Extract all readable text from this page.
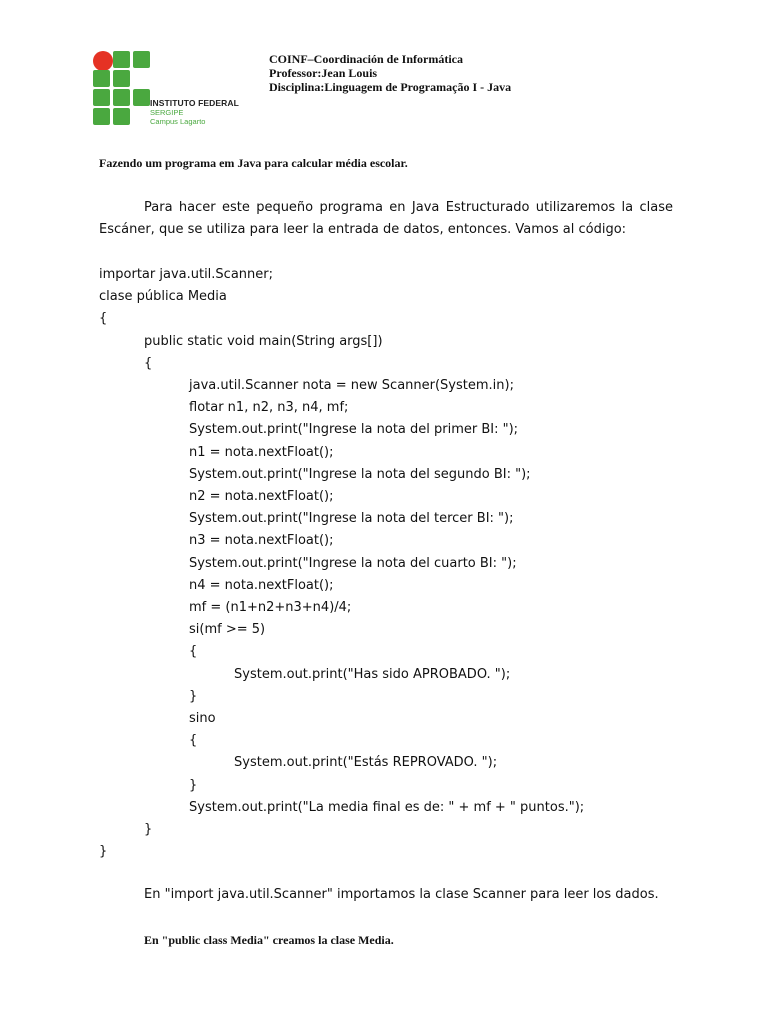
INSTITUTO FEDERAL
SERGIPE
Campus Lagarto
COINF–Coordinación de Informática
Professor:Jean Louis
Disciplina:Linguagem de Programação I - Java
Fazendo um programa em Java para calcular média escolar.

Para hacer este pequeño programa en Java Estructurado utilizaremos la clase Escáner, que se utiliza para leer la entrada de datos, entonces. Vamos al código:

importar java.util.Scanner;
clase pública Media
{
public static void main(String args[])
{
java.util.Scanner nota = new Scanner(System.in);
flotar n1, n2, n3, n4, mf;
System.out.print("Ingrese la nota del primer BI: ");
n1 = nota.nextFloat();
System.out.print("Ingrese la nota del segundo BI: ");
n2 = nota.nextFloat();
System.out.print("Ingrese la nota del tercer BI: ");
n3 = nota.nextFloat();
System.out.print("Ingrese la nota del cuarto BI: ");
n4 = nota.nextFloat();
mf = (n1+n2+n3+n4)/4;
si(mf >= 5)
{
System.out.print("Has sido APROBADO. ");
}
sino
{
System.out.print("Estás REPROVADO. ");
}
System.out.print("La media final es de: " + mf + " puntos.");
}
}

En "import java.util.Scanner" importamos la clase Scanner para leer los dados.

En "public class Media" creamos la clase Media.
